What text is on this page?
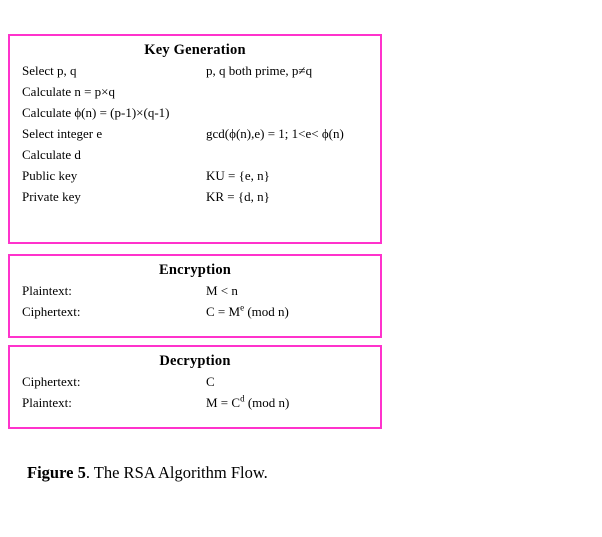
Key Generation
Select p, q	p, q both prime, p≠q
Calculate n = p×q
Calculate ϕ(n) = (p-1)×(q-1)
Select integer e	gcd(ϕ(n),e) = 1; 1<e< ϕ(n)
Calculate d
Public key	KU = {e, n}
Private key	KR = {d, n}
Encryption
Plaintext:	M < n
Ciphertext:	$C = M^e$ (mod n)
Decryption
Ciphertext:	C
Plaintext:	$M = C^d$ (mod n)
Figure 5. The RSA Algorithm Flow.
